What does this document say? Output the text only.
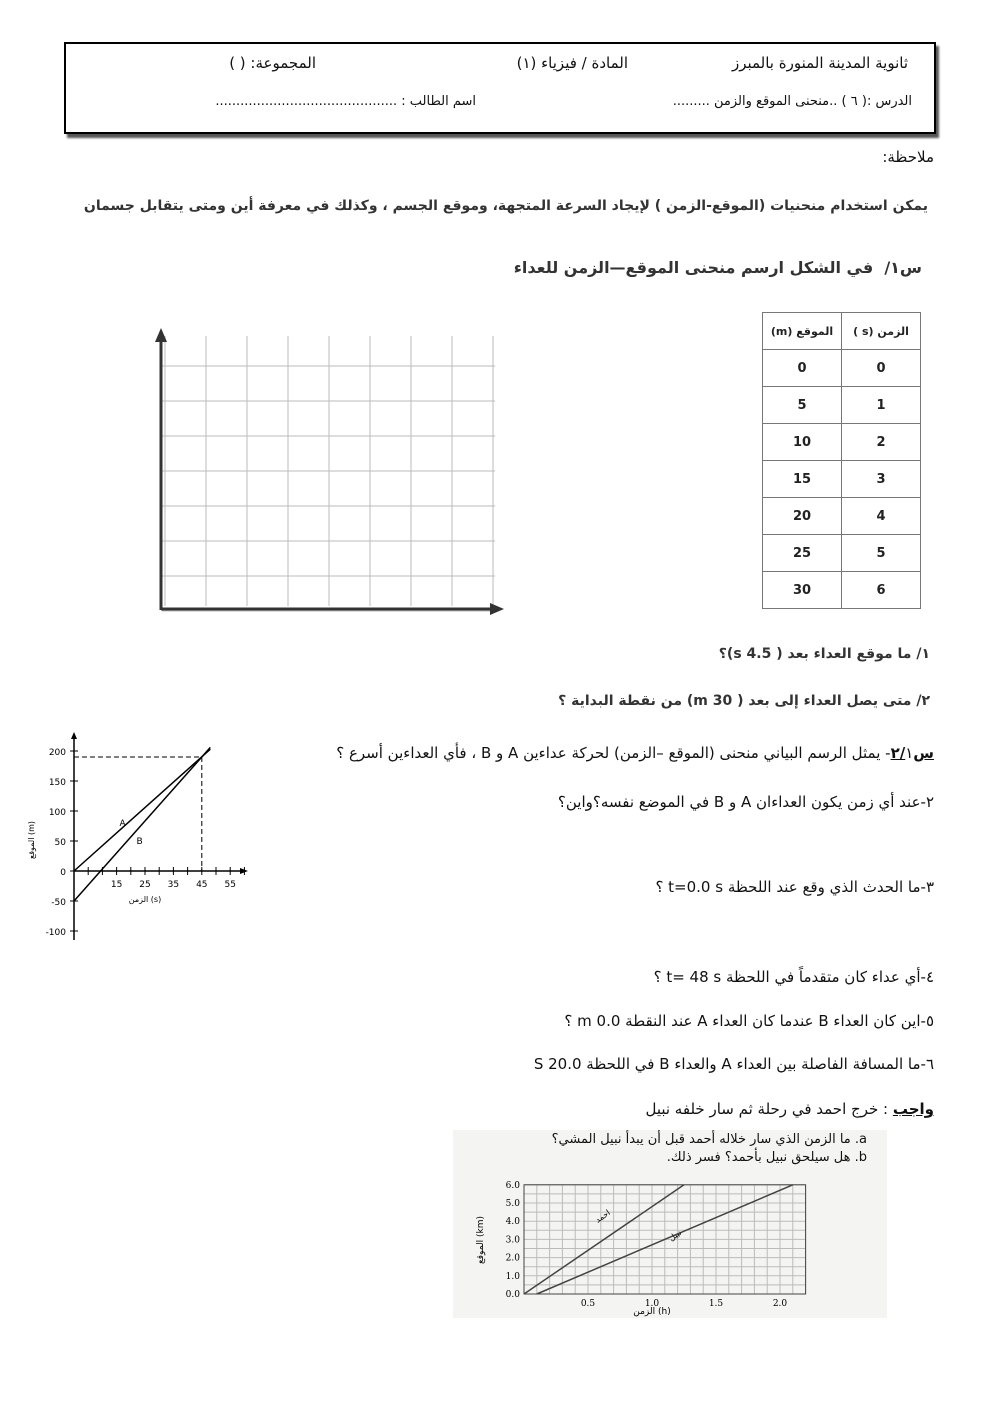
ثانوية المدينة المنورة بالمبرز
المادة / فيزياء (١)
المجموعة: ( )
الدرس :( ٦ ) ..منحنى الموقع والزمن .........
اسم الطالب : ............................................
ملاحظة:
يمكن استخدام منحنيات (الموقع-الزمن ) لإيجاد السرعة المتجهة، وموقع الجسم ، وكذلك في معرفة أين ومتى يتقابل جسمان
س١/  في الشكل ارسم منحنى الموقع—الزمن للعداء
الزمن (s )	الموقع (m)
0	0
1	5
2	10
3	15
4	20
5	25
6	30
١/ ما موقع العداء بعد ( 4.5 s)؟
٢/ متى يصل العداء إلى بعد ( 30 m) من نقطة البداية ؟
س٢/١- يمثل الرسم البياني منحنى (الموقع –الزمن) لحركة عداءين A و B ، فأي العداءين أسرع ؟
٢-عند أي زمن يكون العداءان A و B في الموضع نفسه؟واين؟
٣-ما الحدث الذي وقع عند اللحظة t=0.0 s ؟
٤-أي عداء كان متقدماً في اللحظة t= 48 s ؟
٥-اين كان العداء B عندما كان العداء A عند النقطة 0.0 m ؟
٦-ما المسافة الفاصلة بين العداء A والعداء B في اللحظة 20.0 S
واجب : خرج احمد في رحلة ثم سار خلفه نبيل
200
150
100
50
0
-50
-100
15 25 35 45 55
A
B
الزمن (s)
الموقع (m)
a. ما الزمن الذي سار خلاله أحمد قبل أن يبدأ نبيل المشي؟
b. هل سيلحق نبيل بأحمد؟ فسر ذلك.
0.0
1.0
2.0
3.0
4.0
5.0
6.0
0.5	1.0	1.5	2.0
احمد
نبيل
الزمن (h)
الموقع (km)
